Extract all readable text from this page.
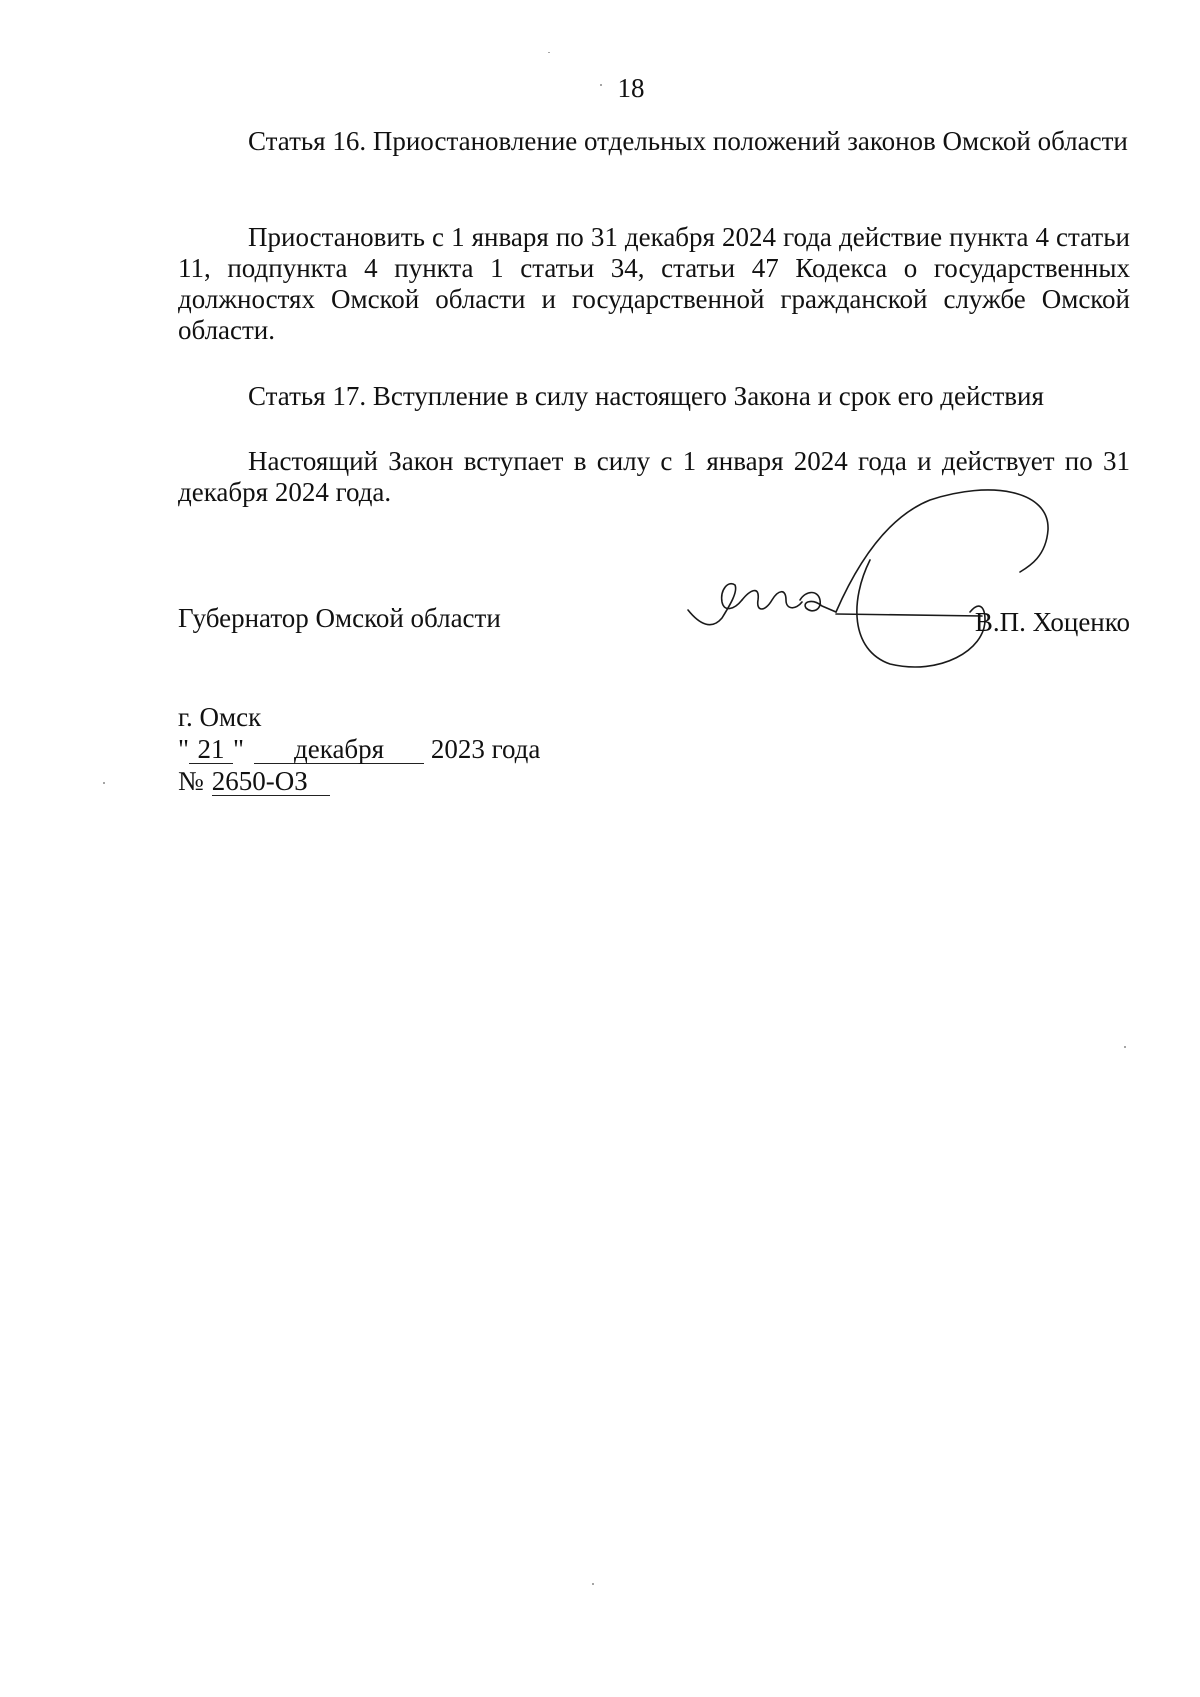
18
Статья 16. Приостановление отдельных положений законов Омской области
Приостановить с 1 января по 31 декабря 2024 года действие пункта 4 статьи 11, подпункта 4 пункта 1 статьи 34, статьи 47 Кодекса о государственных должностях Омской области и государственной гражданской службе Омской области.
Статья 17. Вступление в силу настоящего Закона и срок его действия
Настоящий Закон вступает в силу с 1 января 2024 года и действует по 31 декабря 2024 года.
Губернатор Омской области	В.П. Хоценко
г. Омск
" 21 " декабря 2023 года
№ 2650-ОЗ
